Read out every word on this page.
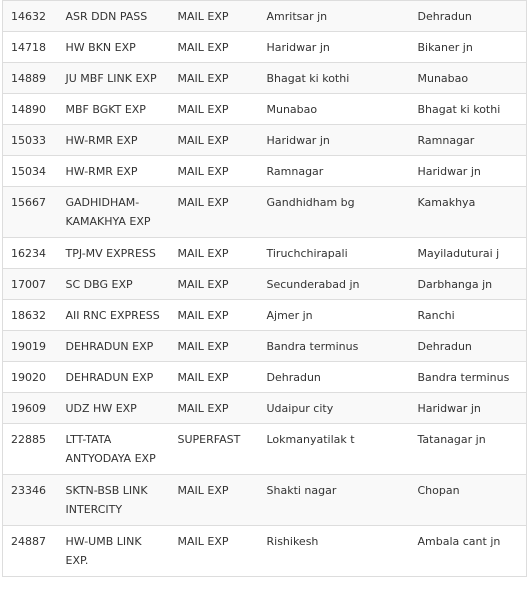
14632	ASR DDN PASS	MAIL EXP	Amritsar jn	Dehradun
14718	HW BKN EXP	MAIL EXP	Haridwar jn	Bikaner jn
14889	JU MBF LINK EXP	MAIL EXP	Bhagat ki kothi	Munabao
14890	MBF BGKT EXP	MAIL EXP	Munabao	Bhagat ki kothi
15033	HW-RMR EXP	MAIL EXP	Haridwar jn	Ramnagar
15034	HW-RMR EXP	MAIL EXP	Ramnagar	Haridwar jn
15667	GADHIDHAM-KAMAKHYA EXP	MAIL EXP	Gandhidham bg	Kamakhya
16234	TPJ-MV EXPRESS	MAIL EXP	Tiruchchirapali	Mayiladuturai j
17007	SC DBG EXP	MAIL EXP	Secunderabad jn	Darbhanga jn
18632	AII RNC EXPRESS	MAIL EXP	Ajmer jn	Ranchi
19019	DEHRADUN EXP	MAIL EXP	Bandra terminus	Dehradun
19020	DEHRADUN EXP	MAIL EXP	Dehradun	Bandra terminus
19609	UDZ HW EXP	MAIL EXP	Udaipur city	Haridwar jn
22885	LTT-TATA ANTYODAYA EXP	SUPERFAST	Lokmanyatilak t	Tatanagar jn
23346	SKTN-BSB LINK INTERCITY	MAIL EXP	Shakti nagar	Chopan
24887	HW-UMB LINK EXP.	MAIL EXP	Rishikesh	Ambala cant jn
